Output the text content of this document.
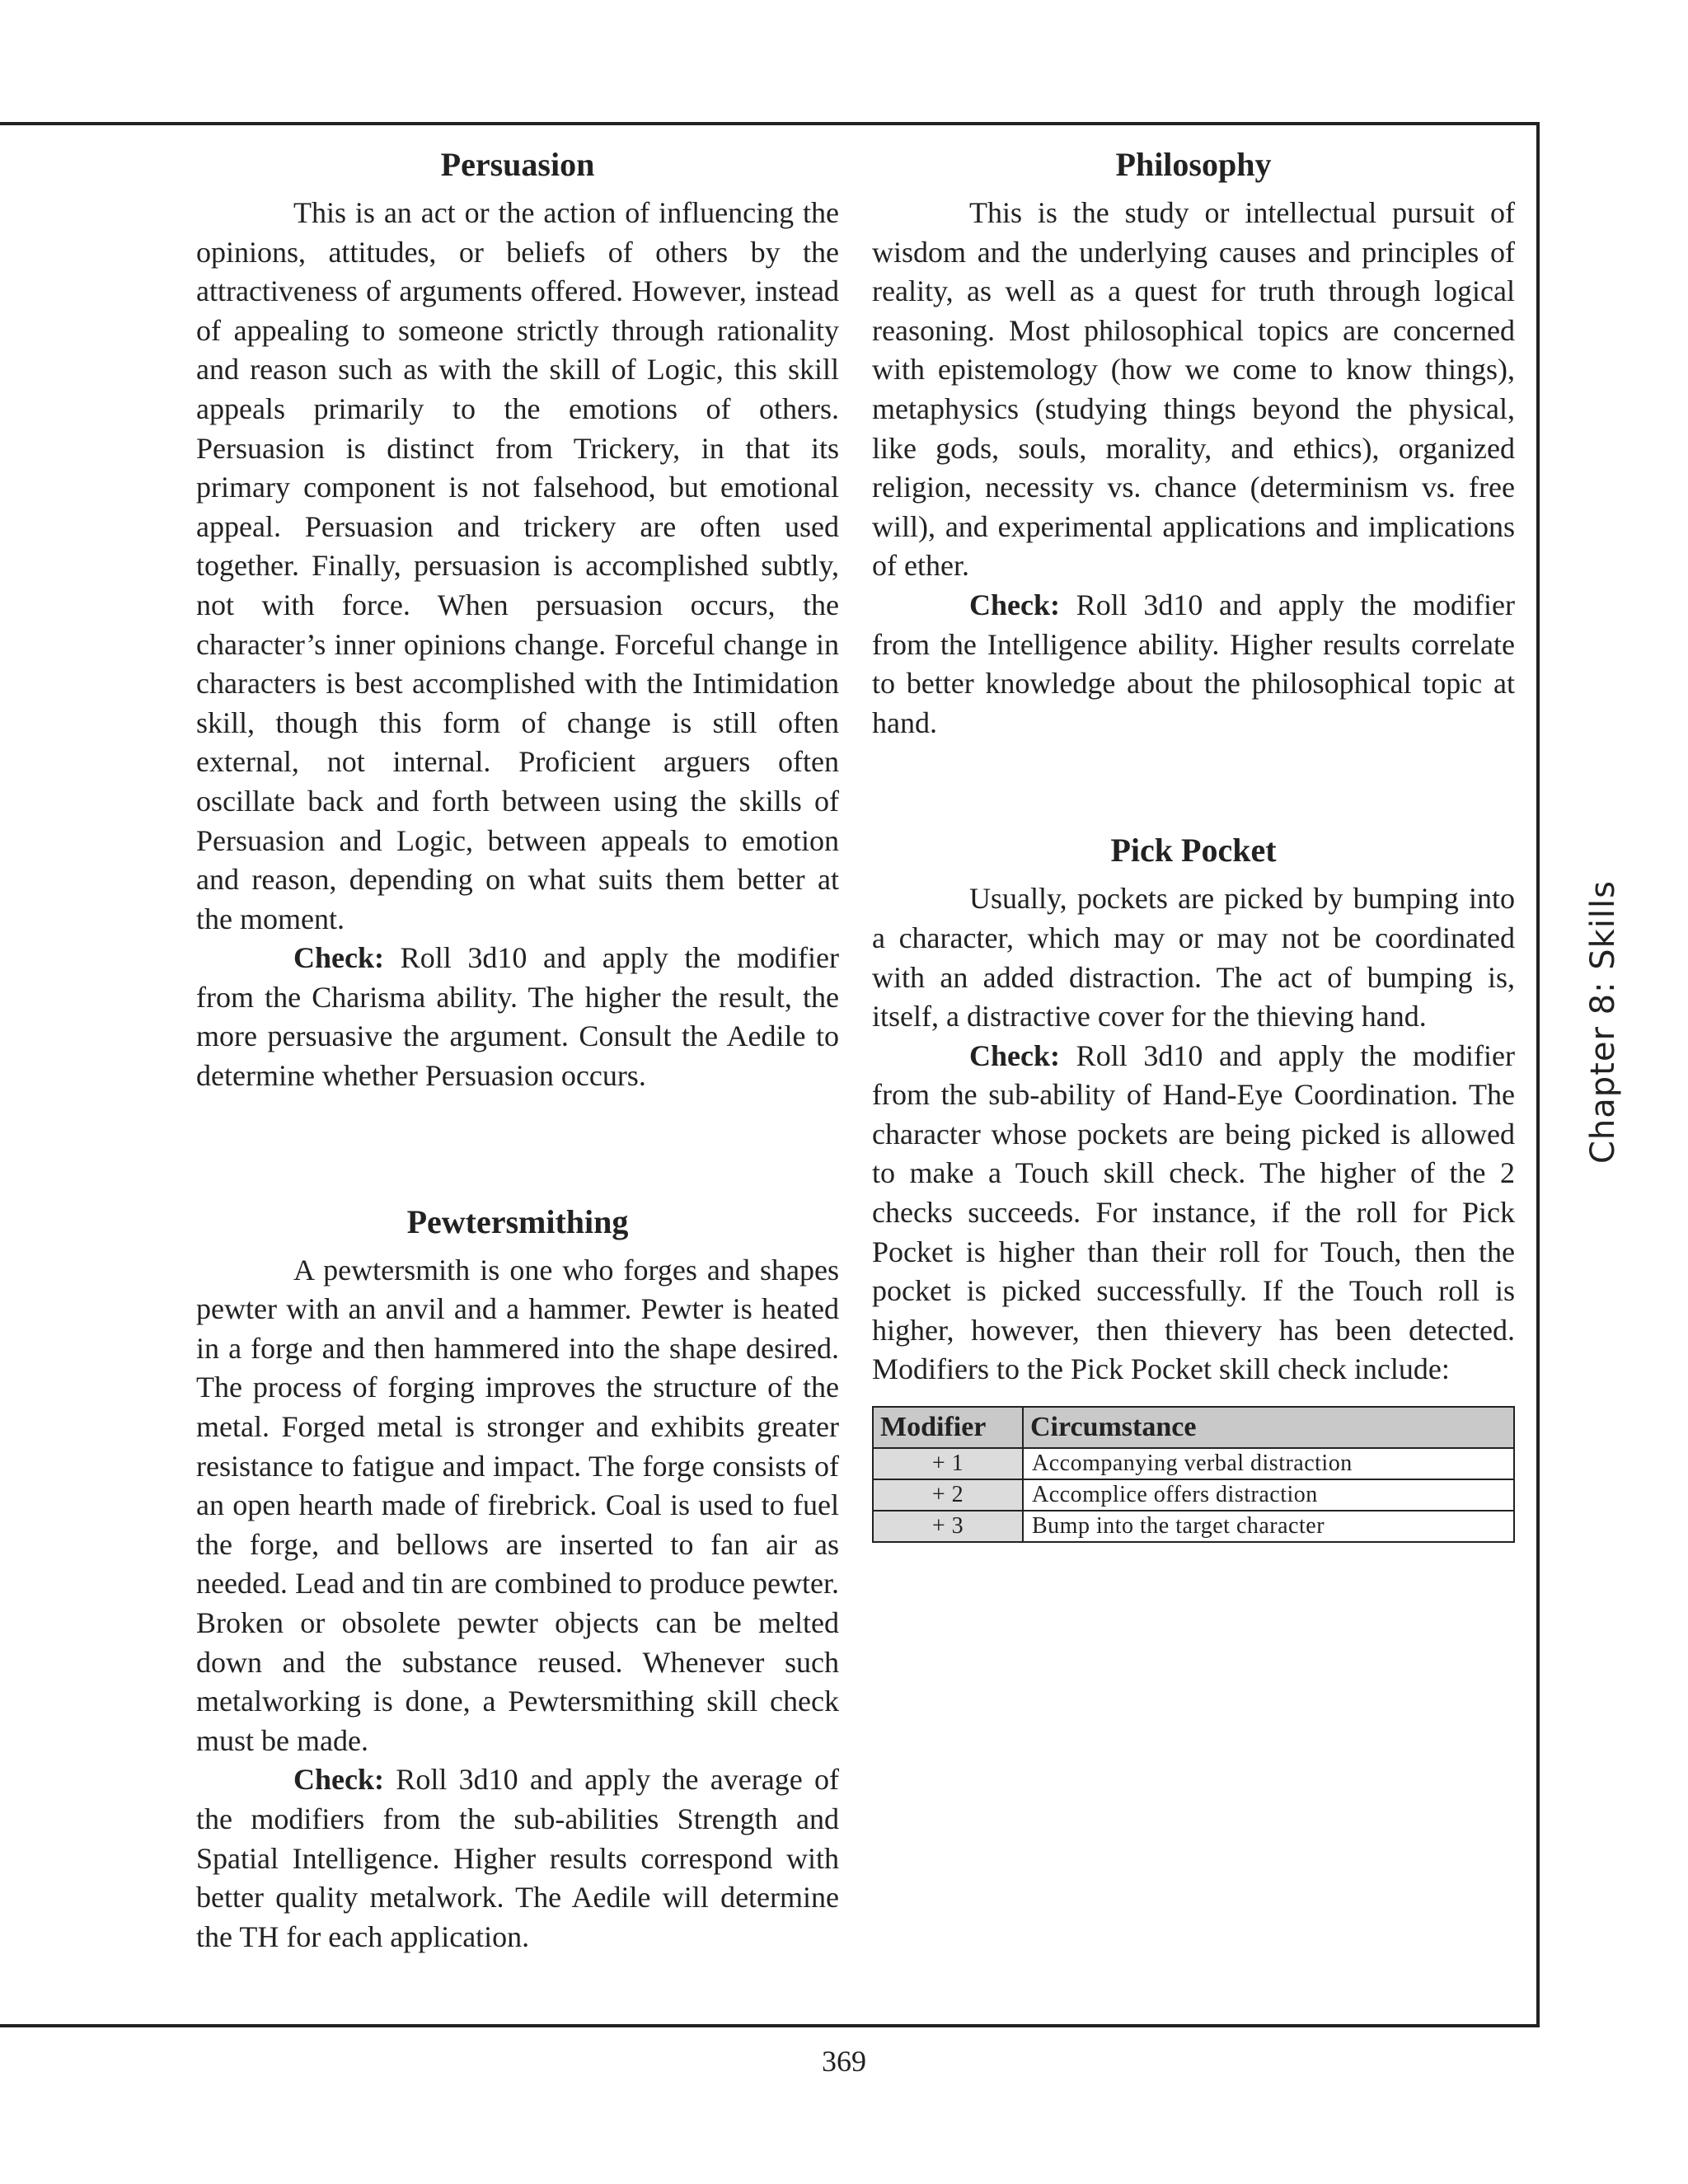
Persuasion

This is an act or the action of influencing the opinions, attitudes, or beliefs of others by the attractiveness of arguments offered. However, instead of appealing to someone strictly through rationality and reason such as with the skill of Logic, this skill appeals primarily to the emotions of others. Persuasion is distinct from Trickery, in that its primary component is not falsehood, but emotional appeal. Persuasion and trickery are often used together. Finally, persuasion is accomplished subtly, not with force. When persuasion occurs, the character’s inner opinions change. Forceful change in characters is best accomplished with the Intimidation skill, though this form of change is still often external, not internal. Proficient arguers often oscillate back and forth between using the skills of Persuasion and Logic, between appeals to emotion and reason, depending on what suits them better at the moment.

Check: Roll 3d10 and apply the modifier from the Charisma ability. The higher the result, the more persuasive the argument. Consult the Aedile to determine whether Persuasion occurs.

Pewtersmithing

A pewtersmith is one who forges and shapes pewter with an anvil and a hammer. Pewter is heated in a forge and then hammered into the shape desired. The process of forging improves the structure of the metal. Forged metal is stronger and exhibits greater resistance to fatigue and impact. The forge consists of an open hearth made of firebrick. Coal is used to fuel the forge, and bellows are inserted to fan air as needed. Lead and tin are combined to produce pewter. Broken or obsolete pewter objects can be melted down and the substance reused. Whenever such metalworking is done, a Pewtersmithing skill check must be made.

Check: Roll 3d10 and apply the average of the modifiers from the sub-abilities Strength and Spatial Intelligence. Higher results correspond with better quality metalwork. The Aedile will determine the TH for each application.

Philosophy

This is the study or intellectual pursuit of wisdom and the underlying causes and principles of reality, as well as a quest for truth through logical reasoning. Most philosophical topics are concerned with epistemology (how we come to know things), metaphysics (studying things beyond the physical, like gods, souls, morality, and ethics), organized religion, necessity vs. chance (determinism vs. free will), and experimental applications and implications of ether.

Check: Roll 3d10 and apply the modifier from the Intelligence ability. Higher results correlate to better knowledge about the philosophical topic at hand.

Pick Pocket

Usually, pockets are picked by bumping into a character, which may or may not be coordinated with an added distraction. The act of bumping is, itself, a distractive cover for the thieving hand.

Check: Roll 3d10 and apply the modifier from the sub-ability of Hand-Eye Coordination. The character whose pockets are being picked is allowed to make a Touch skill check. The higher of the 2 checks succeeds. For instance, if the roll for Pick Pocket is higher than their roll for Touch, then the pocket is picked successfully. If the Touch roll is higher, however, then thievery has been detected. Modifiers to the Pick Pocket skill check include:

Modifier	Circumstance
+ 1	Accompanying verbal distraction
+ 2	Accomplice offers distraction
+ 3	Bump into the target character
Chapter 8: Skills
369
